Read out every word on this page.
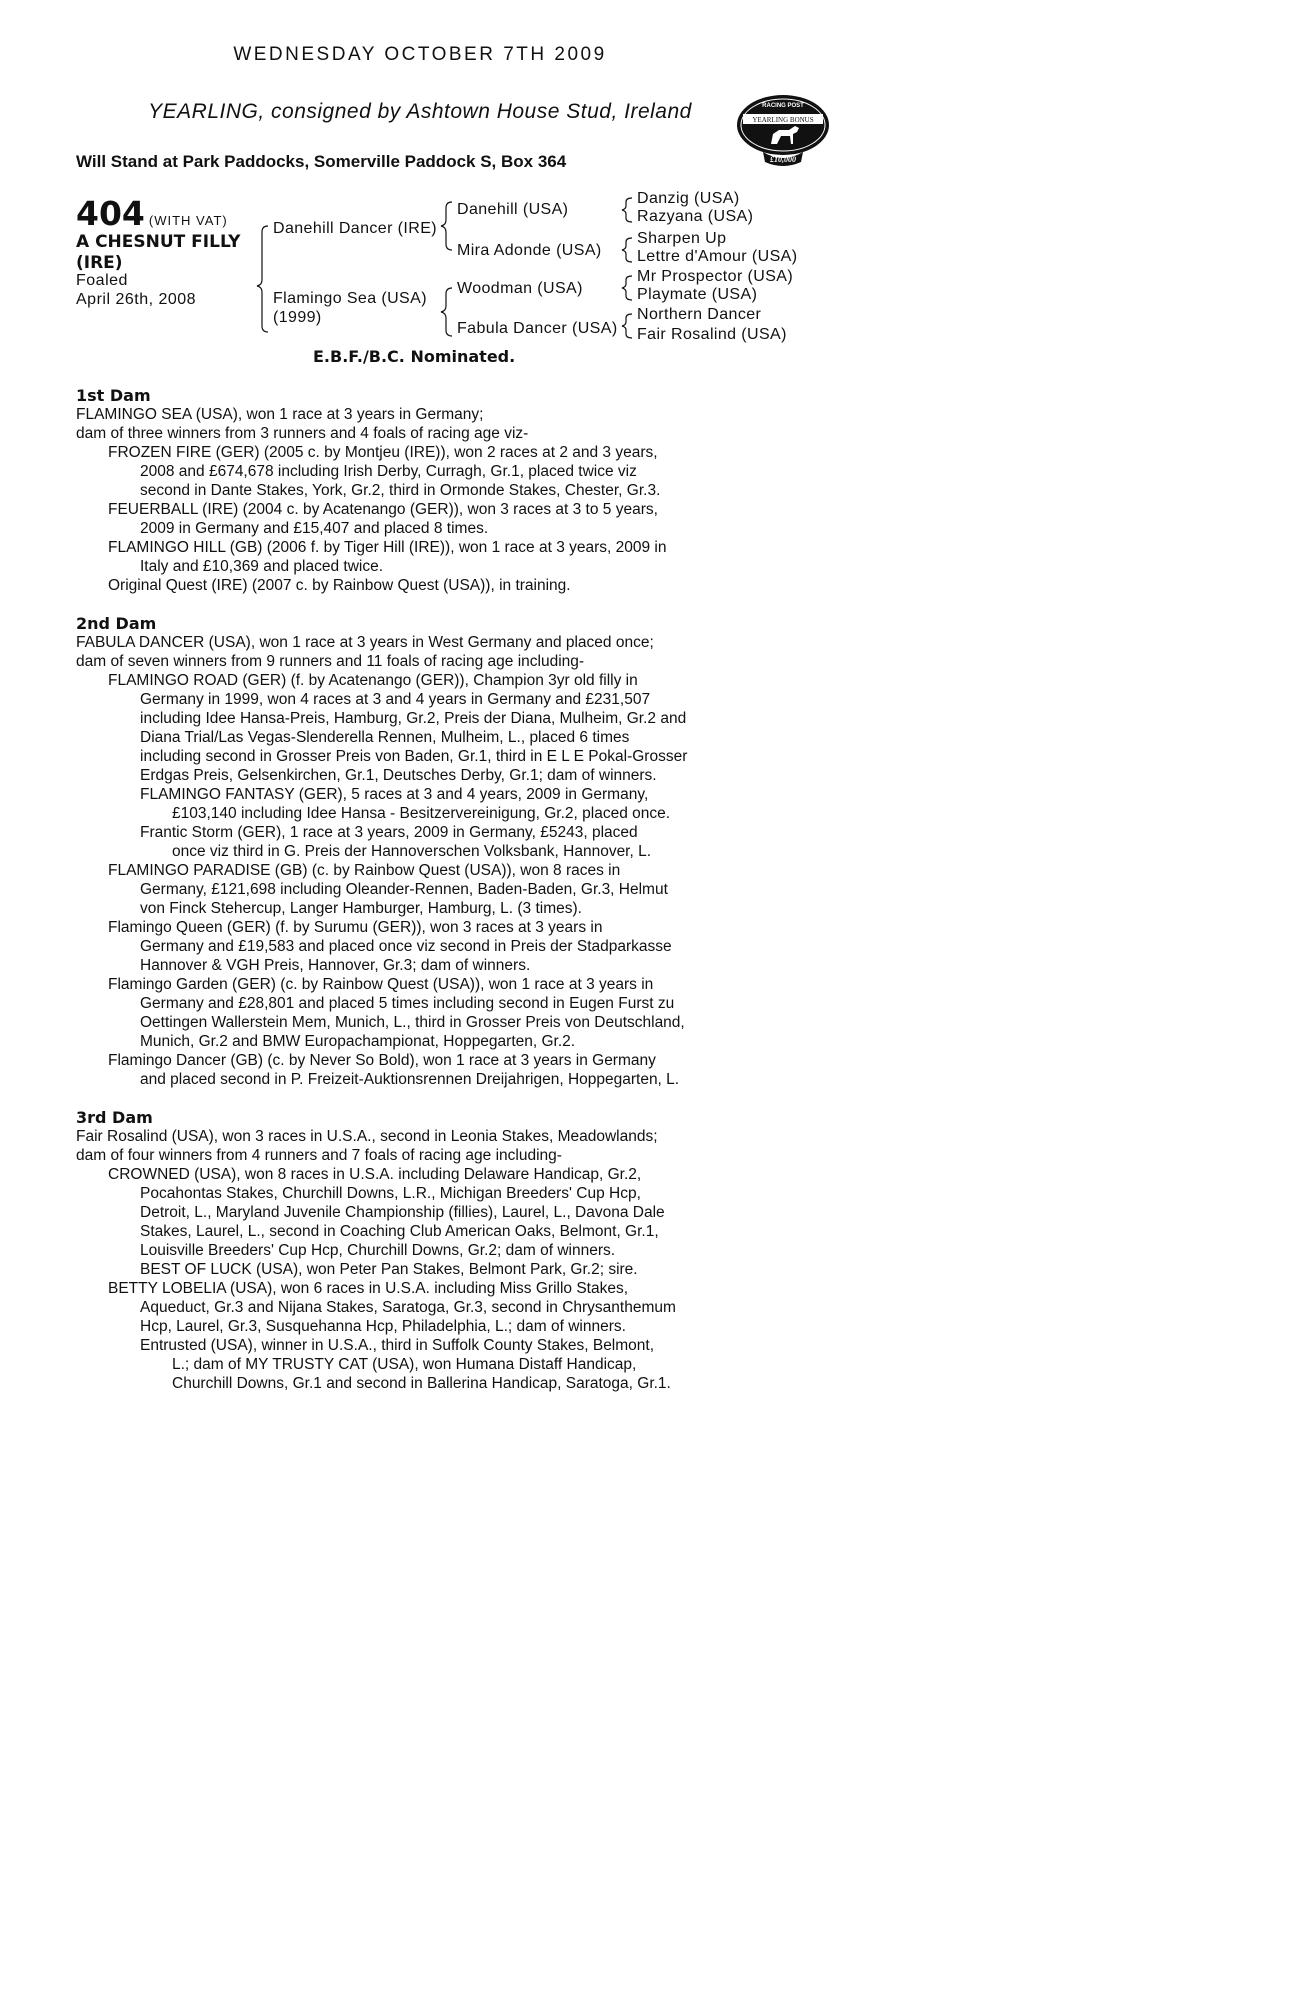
WEDNESDAY OCTOBER 7TH 2009
YEARLING, consigned by Ashtown House Stud, Ireland
Will Stand at Park Paddocks, Somerville Paddock S, Box 364
RACING POST
YEARLING BONUS
£10,000
404 (WITH VAT)
A CHESNUT FILLY
(IRE)
Foaled
April 26th, 2008
Danehill Dancer (IRE)
Flamingo Sea (USA)
(1999)
Danehill (USA)
Mira Adonde (USA)
Woodman (USA)
Fabula Dancer (USA)
Danzig (USA)
Razyana (USA)
Sharpen Up
Lettre d'Amour (USA)
Mr Prospector (USA)
Playmate (USA)
Northern Dancer
Fair Rosalind (USA)
E.B.F./B.C. Nominated.
1st Dam
FLAMINGO SEA (USA), won 1 race at 3 years in Germany;
dam of three winners from 3 runners and 4 foals of racing age viz-
FROZEN FIRE (GER) (2005 c. by Montjeu (IRE)), won 2 races at 2 and 3 years,
2008 and £674,678 including Irish Derby, Curragh, Gr.1, placed twice viz
second in Dante Stakes, York, Gr.2, third in Ormonde Stakes, Chester, Gr.3.
FEUERBALL (IRE) (2004 c. by Acatenango (GER)), won 3 races at 3 to 5 years,
2009 in Germany and £15,407 and placed 8 times.
FLAMINGO HILL (GB) (2006 f. by Tiger Hill (IRE)), won 1 race at 3 years, 2009 in
Italy and £10,369 and placed twice.
Original Quest (IRE) (2007 c. by Rainbow Quest (USA)), in training.
2nd Dam
FABULA DANCER (USA), won 1 race at 3 years in West Germany and placed once;
dam of seven winners from 9 runners and 11 foals of racing age including-
FLAMINGO ROAD (GER) (f. by Acatenango (GER)), Champion 3yr old filly in
Germany in 1999, won 4 races at 3 and 4 years in Germany and £231,507
including Idee Hansa-Preis, Hamburg, Gr.2, Preis der Diana, Mulheim, Gr.2 and
Diana Trial/Las Vegas-Slenderella Rennen, Mulheim, L., placed 6 times
including second in Grosser Preis von Baden, Gr.1, third in E L E Pokal-Grosser
Erdgas Preis, Gelsenkirchen, Gr.1, Deutsches Derby, Gr.1; dam of winners.
FLAMINGO FANTASY (GER), 5 races at 3 and 4 years, 2009 in Germany,
£103,140 including Idee Hansa - Besitzervereinigung, Gr.2, placed once.
Frantic Storm (GER), 1 race at 3 years, 2009 in Germany, £5243, placed
once viz third in G. Preis der Hannoverschen Volksbank, Hannover, L.
FLAMINGO PARADISE (GB) (c. by Rainbow Quest (USA)), won 8 races in
Germany, £121,698 including Oleander-Rennen, Baden-Baden, Gr.3, Helmut
von Finck Stehercup, Langer Hamburger, Hamburg, L. (3 times).
Flamingo Queen (GER) (f. by Surumu (GER)), won 3 races at 3 years in
Germany and £19,583 and placed once viz second in Preis der Stadparkasse
Hannover & VGH Preis, Hannover, Gr.3; dam of winners.
Flamingo Garden (GER) (c. by Rainbow Quest (USA)), won 1 race at 3 years in
Germany and £28,801 and placed 5 times including second in Eugen Furst zu
Oettingen Wallerstein Mem, Munich, L., third in Grosser Preis von Deutschland,
Munich, Gr.2 and BMW Europachampionat, Hoppegarten, Gr.2.
Flamingo Dancer (GB) (c. by Never So Bold), won 1 race at 3 years in Germany
and placed second in P. Freizeit-Auktionsrennen Dreijahrigen, Hoppegarten, L.
3rd Dam
Fair Rosalind (USA), won 3 races in U.S.A., second in Leonia Stakes, Meadowlands;
dam of four winners from 4 runners and 7 foals of racing age including-
CROWNED (USA), won 8 races in U.S.A. including Delaware Handicap, Gr.2,
Pocahontas Stakes, Churchill Downs, L.R., Michigan Breeders' Cup Hcp,
Detroit, L., Maryland Juvenile Championship (fillies), Laurel, L., Davona Dale
Stakes, Laurel, L., second in Coaching Club American Oaks, Belmont, Gr.1,
Louisville Breeders' Cup Hcp, Churchill Downs, Gr.2; dam of winners.
BEST OF LUCK (USA), won Peter Pan Stakes, Belmont Park, Gr.2; sire.
BETTY LOBELIA (USA), won 6 races in U.S.A. including Miss Grillo Stakes,
Aqueduct, Gr.3 and Nijana Stakes, Saratoga, Gr.3, second in Chrysanthemum
Hcp, Laurel, Gr.3, Susquehanna Hcp, Philadelphia, L.; dam of winners.
Entrusted (USA), winner in U.S.A., third in Suffolk County Stakes, Belmont,
L.; dam of MY TRUSTY CAT (USA), won Humana Distaff Handicap,
Churchill Downs, Gr.1 and second in Ballerina Handicap, Saratoga, Gr.1.
